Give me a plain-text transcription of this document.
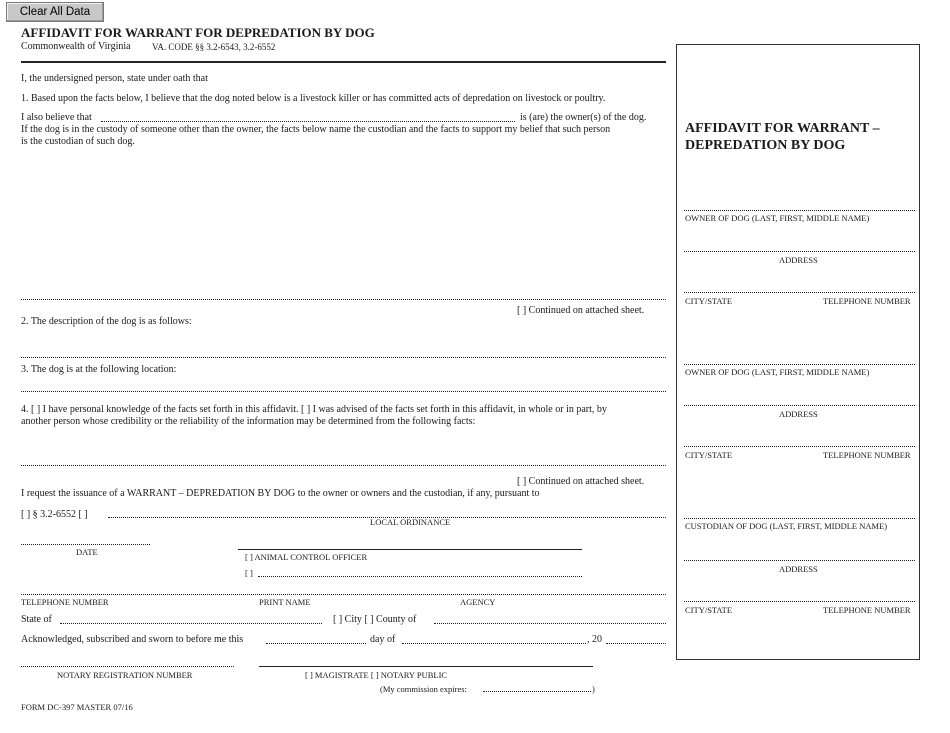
Clear All Data
AFFIDAVIT FOR WARRANT FOR DEPREDATION BY DOG
Commonwealth of Virginia VA. CODE §§ 3.2-6543, 3.2-6552
I, the undersigned person, state under oath that
1. Based upon the facts below, I believe that the dog noted below is a livestock killer or has committed acts of depredation on livestock or poultry.
I also believe that	is (are) the owner(s) of the dog.
If the dog is in the custody of someone other than the owner, the facts below name the custodian and the facts to support my belief that such person
is the custodian of such dog.
[ ] Continued on attached sheet.
2. The description of the dog is as follows:
3. The dog is at the following location:
4. [ ] I have personal knowledge of the facts set forth in this affidavit. [ ] I was advised of the facts set forth in this affidavit, in whole or in part, by
another person whose credibility or the reliability of the information may be determined from the following facts:
[ ] Continued on attached sheet.
I request the issuance of a WARRANT – DEPREDATION BY DOG to the owner or owners and the custodian, if any, pursuant to
[ ] § 3.2-6552 [ ]
LOCAL ORDINANCE
DATE	[ ] ANIMAL CONTROL OFFICER
[ ]
TELEPHONE NUMBER	PRINT NAME	AGENCY
State of	[ ] City [ ] County of
Acknowledged, subscribed and sworn to before me this	day of	, 20
NOTARY REGISTRATION NUMBER	[ ] MAGISTRATE [ ] NOTARY PUBLIC
(My commission expires:	)
FORM DC-397 MASTER 07/16
AFFIDAVIT FOR WARRANT –
DEPREDATION BY DOG
OWNER OF DOG (LAST, FIRST, MIDDLE NAME)
ADDRESS
CITY/STATE	TELEPHONE NUMBER
OWNER OF DOG (LAST, FIRST, MIDDLE NAME)
ADDRESS
CITY/STATE	TELEPHONE NUMBER
CUSTODIAN OF DOG (LAST, FIRST, MIDDLE NAME)
ADDRESS
CITY/STATE	TELEPHONE NUMBER
